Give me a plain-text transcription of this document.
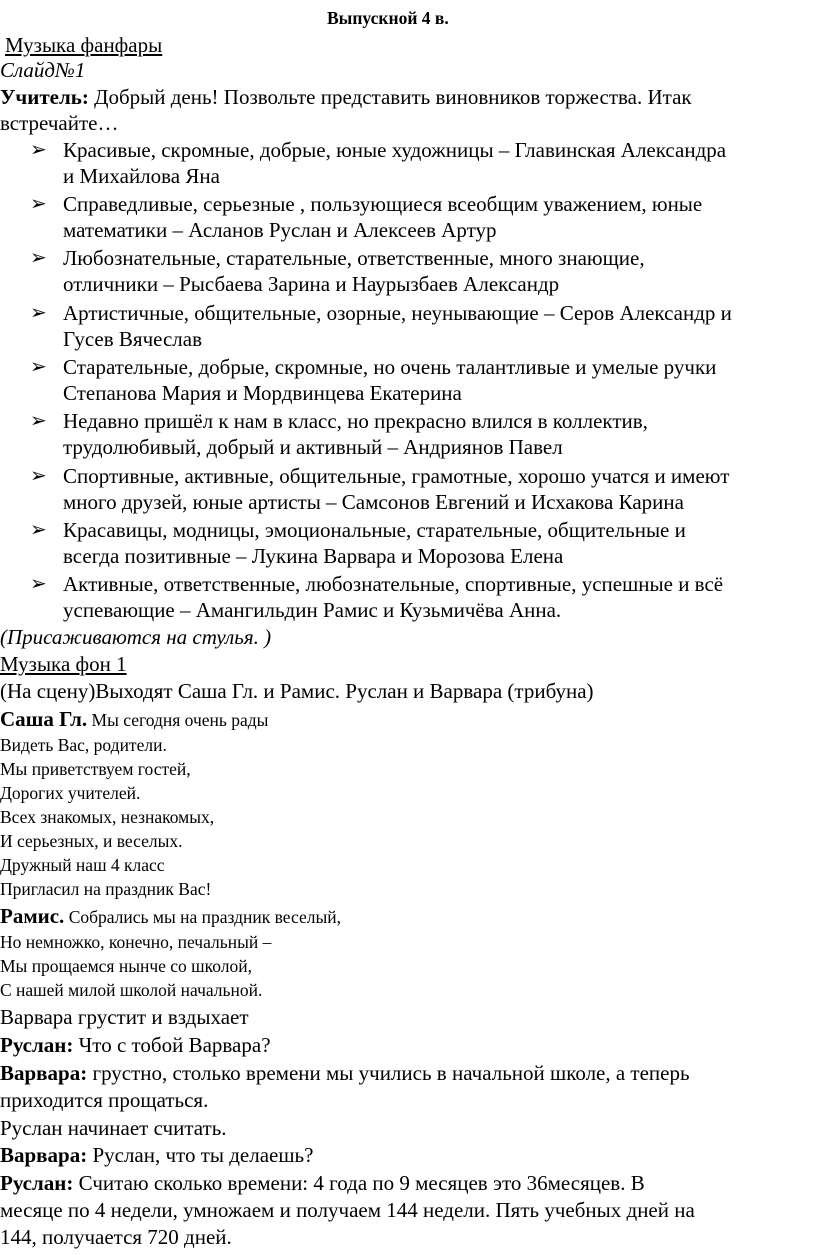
Выпускной 4 в.
Музыка фанфары
Слайд№1
Учитель: Добрый день! Позвольте представить виновников торжества. Итак
встречайте…
➢ Красивые, скромные, добрые, юные художницы – Главинская Александра
и Михайлова Яна
➢ Справедливые, серьезные , пользующиеся всеобщим уважением, юные
математики – Асланов Руслан и Алексеев Артур
➢ Любознательные, старательные, ответственные, много знающие,
отличники – Рысбаева Зарина и Наурызбаев Александр
➢ Артистичные, общительные, озорные, неунывающие – Серов Александр и
Гусев Вячеслав
➢ Старательные, добрые, скромные, но очень талантливые и умелые ручки
Степанова Мария и Мордвинцева Екатерина
➢ Недавно пришёл к нам в класс, но прекрасно влился в коллектив,
трудолюбивый, добрый и активный – Андриянов Павел
➢ Спортивные, активные, общительные, грамотные, хорошо учатся и имеют
много друзей, юные артисты – Самсонов Евгений и Исхакова Карина
➢ Красавицы, модницы, эмоциональные, старательные, общительные и
всегда позитивные – Лукина Варвара и Морозова Елена
➢ Активные, ответственные, любознательные, спортивные, успешные и всё
успевающие – Амангильдин Рамис и Кузьмичёва Анна.
(Присаживаются на стулья. )
Музыка фон 1
(На сцену)Выходят Саша Гл. и Рамис. Руслан и Варвара (трибуна)
Саша Гл. Мы сегодня очень рады
Видеть Вас, родители.
Мы приветствуем гостей,
Дорогих учителей.
Всех знакомых, незнакомых,
И серьезных, и веселых.
Дружный наш 4 класс
Пригласил на праздник Вас!
Рамис. Собрались мы на праздник веселый,
Но немножко, конечно, печальный –
Мы прощаемся нынче со школой,
С нашей милой школой начальной.
Варвара грустит и вздыхает
Руслан: Что с тобой Варвара?
Варвара: грустно, столько времени мы учились в начальной школе, а теперь
приходится прощаться.
Руслан начинает считать.
Варвара: Руслан, что ты делаешь?
Руслан: Считаю сколько времени: 4 года по 9 месяцев это 36месяцев. В
месяце по 4 недели, умножаем и получаем 144 недели. Пять учебных дней на
144, получается 720 дней.
